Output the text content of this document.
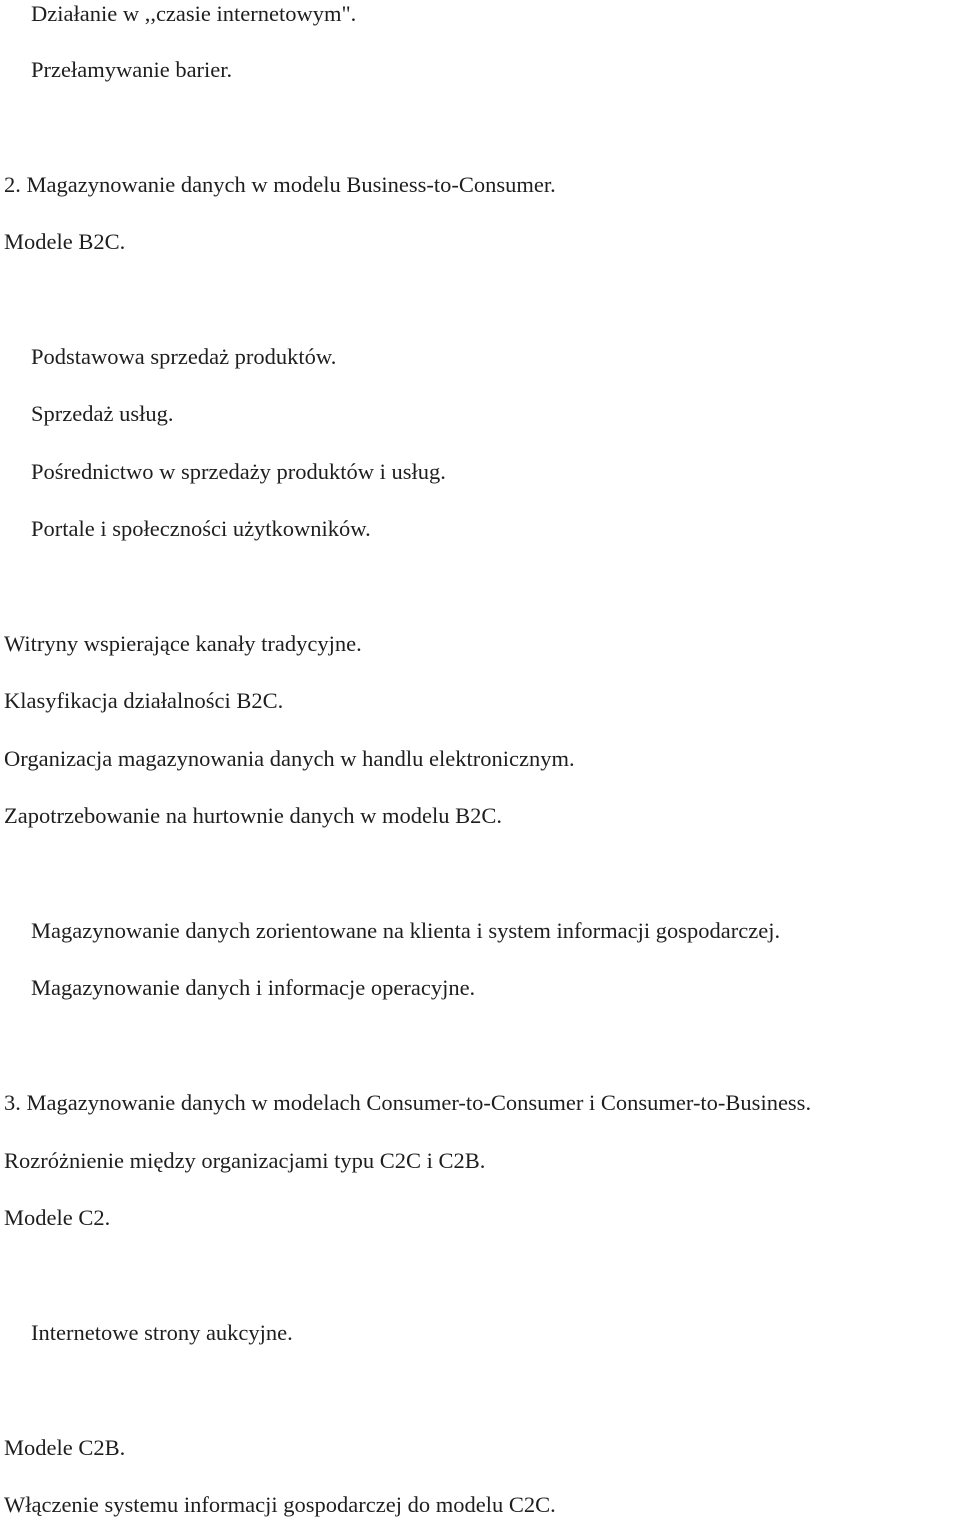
Działanie w ,,czasie internetowym".
Przełamywanie barier.
2. Magazynowanie danych w modelu Business-to-Consumer.
Modele B2C.
Podstawowa sprzedaż produktów.
Sprzedaż usług.
Pośrednictwo w sprzedaży produktów i usług.
Portale i społeczności użytkowników.
Witryny wspierające kanały tradycyjne.
Klasyfikacja działalności B2C.
Organizacja magazynowania danych w handlu elektronicznym.
Zapotrzebowanie na hurtownie danych w modelu B2C.
Magazynowanie danych zorientowane na klienta i system informacji gospodarczej.
Magazynowanie danych i informacje operacyjne.
3. Magazynowanie danych w modelach Consumer-to-Consumer i Consumer-to-Business.
Rozróżnienie między organizacjami typu C2C i C2B.
Modele C2.
Internetowe strony aukcyjne.
Modele C2B.
Włączenie systemu informacji gospodarczej do modelu C2C.
